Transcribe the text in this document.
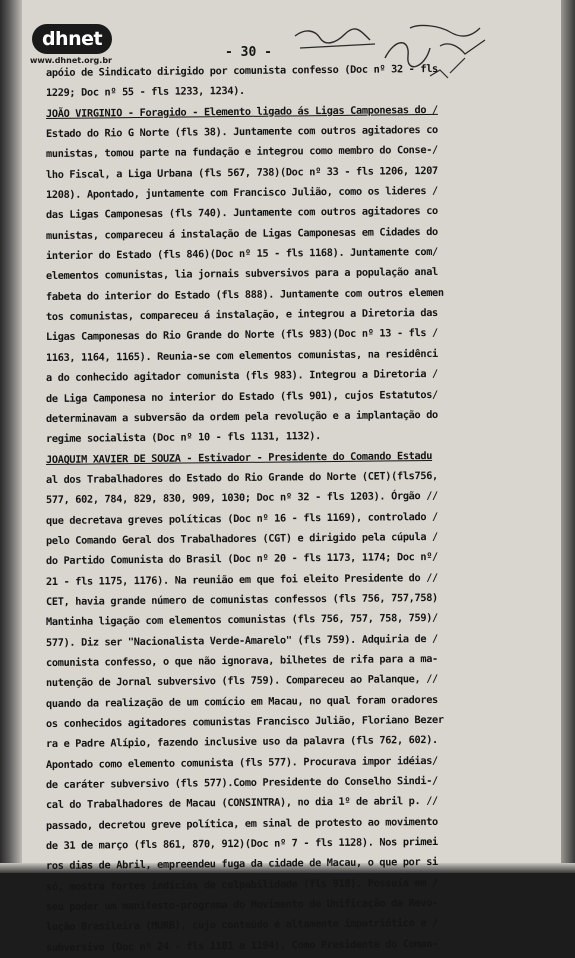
dhnet
www.dhnet.org.br
- 30 -
apóio de Sindicato dirigido por comunista confesso (Doc nº 32 - fls
1229; Doc nº 55 - fls 1233, 1234).
JOÃO VIRGINIO - Foragido - Elemento ligado ás Ligas Camponesas do /
Estado do Rio G Norte (fls 38). Juntamente com outros agitadores co
munistas, tomou parte na fundação e integrou como membro do Conse-/
lho Fiscal, a Liga Urbana (fls 567, 738)(Doc nº 33 - fls 1206, 1207
1208). Apontado, juntamente com Francisco Julião, como os lideres /
das Ligas Camponesas (fls 740). Juntamente com outros agitadores co
munistas, compareceu á instalação de Ligas Camponesas em Cidades do
interior do Estado (fls 846)(Doc nº 15 - fls 1168). Juntamente com/
elementos comunistas, lia jornais subversivos para a população anal
fabeta do interior do Estado (fls 888). Juntamente com outros elemen
tos comunistas, compareceu á instalação, e integrou a Diretoria das
Ligas Camponesas do Rio Grande do Norte (fls 983)(Doc nº 13 - fls /
1163, 1164, 1165). Reunia-se com elementos comunistas, na residênci
a do conhecido agitador comunista (fls 983). Integrou a Diretoria /
de Liga Camponesa no interior do Estado (fls 901), cujos Estatutos/
determinavam a subversão da ordem pela revolução e a implantação do
regime socialista (Doc nº 10 - fls 1131, 1132).
JOAQUIM XAVIER DE SOUZA - Estivador - Presidente do Comando Estadu
al dos Trabalhadores do Estado do Rio Grande do Norte (CET)(fls756,
577, 602, 784, 829, 830, 909, 1030; Doc nº 32 - fls 1203). Órgão //
que decretava greves políticas (Doc nº 16 - fls 1169), controlado /
pelo Comando Geral dos Trabalhadores (CGT) e dirigido pela cúpula /
do Partido Comunista do Brasil (Doc nº 20 - fls 1173, 1174; Doc nº/
21 - fls 1175, 1176). Na reunião em que foi eleito Presidente do //
CET, havia grande número de comunistas confessos (fls 756, 757,758)
Mantinha ligação com elementos comunistas (fls 756, 757, 758, 759)/
577). Diz ser "Nacionalista Verde-Amarelo" (fls 759). Adquiria de /
comunista confesso, o que não ignorava, bilhetes de rifa para a ma-
nutenção de Jornal subversivo (fls 759). Compareceu ao Palanque, //
quando da realização de um comício em Macau, no qual foram oradores
os conhecidos agitadores comunistas Francisco Julião, Floriano Bezer
ra e Padre Alípio, fazendo inclusive uso da palavra (fls 762, 602).
Apontado como elemento comunista (fls 577). Procurava impor idéias/
de caráter subversivo (fls 577).Como Presidente do Conselho Sindi-/
cal do Trabalhadores de Macau (CONSINTRA), no dia 1º de abril p. //
passado, decretou greve política, em sinal de protesto ao movimento
de 31 de março (fls 861, 870, 912)(Doc nº 7 - fls 1128). Nos primei
ros dias de Abril, empreendeu fuga da cidade de Macau, o que por si
só, mostra fortes indícios de culpabilidade (fls 918). Possuía em /
seu poder um manifesto-programa do Movimento de Unificação da Revo-
lução Brasileira (MURB), cujo conteúdo é altamente impatriótico e /
subversivo (Doc nº 24 - fls 1181 a 1194). Como Presidente do Coman-
